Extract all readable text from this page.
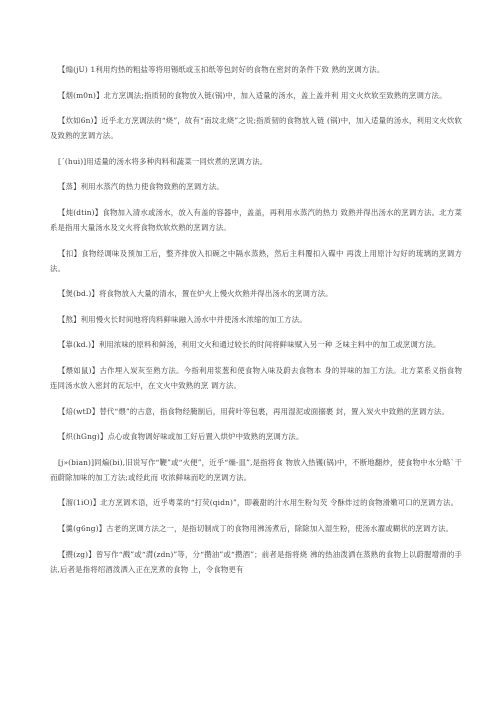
【煽(jU) 1利用灼热的粗盐等将用锡纸或玉扣纸等包封好的食物在密封的条件下致 熟的烹调方法。

【烟(m0n)】北方烹调法;指质韧的食物放入链(锅)中，加入适量的汤水，盖上盖并利 用文火炊软至致熟的烹调方法。

【炊如6n)】近乎北方烹调法的“烧”，故有“南坟北烧”之说;指质韧的食物放入链 (锅)中，加入适量的汤水，利用文火炊软及致熟的烹调方法。

[´(hui)]用适量的汤水将多种肉料和蔬菜一同炊煮的烹调方法。

【蒸】利用水蒸汽的热力使食物致熟的烹调方法。

【炖(dtin)】食物加入清水或汤水，放入有盖的容器中，盖盖，再利用水蒸汽的热力 致熟并得出汤水的烹调方法。北方菜系是指用大量汤水及文火将食物炊软炊熟的烹调方法。

【扣】食物经调味及预加工后，整齐排放入扣碗之中隔水蒸熟，然后主料覆扣入碟中 再泼上用原汁勾好的琉璃的烹调方法。

【煲(bd.)】将食物放入大量的清水，置在炉火上慢火炊熟并得出汤水的烹调方法。

【熬】利用慢火长时间地将肉料鲜味融入汤水中并使汤水浓缩的加工方法。

【靠(kd.)】利用浓味的原料和鲜汤，利用文火和通过较长的时间将鲜味赋入另一种 乏味主料中的加工或烹调方法。

【煨如鼠)】古作埋入炭灰至熟方法。今指利用浆葱和使食物入味及蔚去食物本 身的异味的加工方法。北方菜系义指食物连同汤水放入密封的瓦坛中，在文火中致熟的烹 调方法。

【焙(wtD】替代“煨”的古意，指食物经腌制后，用荷叶等包裹，再用湿泥或面搦裹 封，置入炭火中致熟的烹调方法。

【炽(hGng)】点心或食物调好味或加工好后置入烘炉中致熟的烹调方法。

[j»(bian)]同煸(bi),旧说写作“鞭”或“火便”，近乎“燥-皿”,是指将食 物放入热镬(锅)中，不断地翻炒，使食物中水分略`干而蔚除加味的加工方法;或经此而 收浓鲜味而吃的烹调方法。

【溜(1iO)】北方烹调术语，近乎粤菜的“打荧(qidn)”，即羲甜的汁水用生粉勾芡 令酥炸过的食物滑嫩可口的烹调方法。

【羹(g6ng)】古老的烹调方法之一，是指切制成丁的食物用沸汤煮后，除除加入湿生粉，使汤水濯或糊状的烹调方法。

【攒(zg)】曾写作“溅”或“潸(zdn)”等，分“攒油”或“攒酒”；前者是指将烧 沸的热油泼洒在蒸熟的食物上以蔚腥增滑的手法,后者是指将绍酒泼洒入正在烹煮的食物 上，令食物更有
